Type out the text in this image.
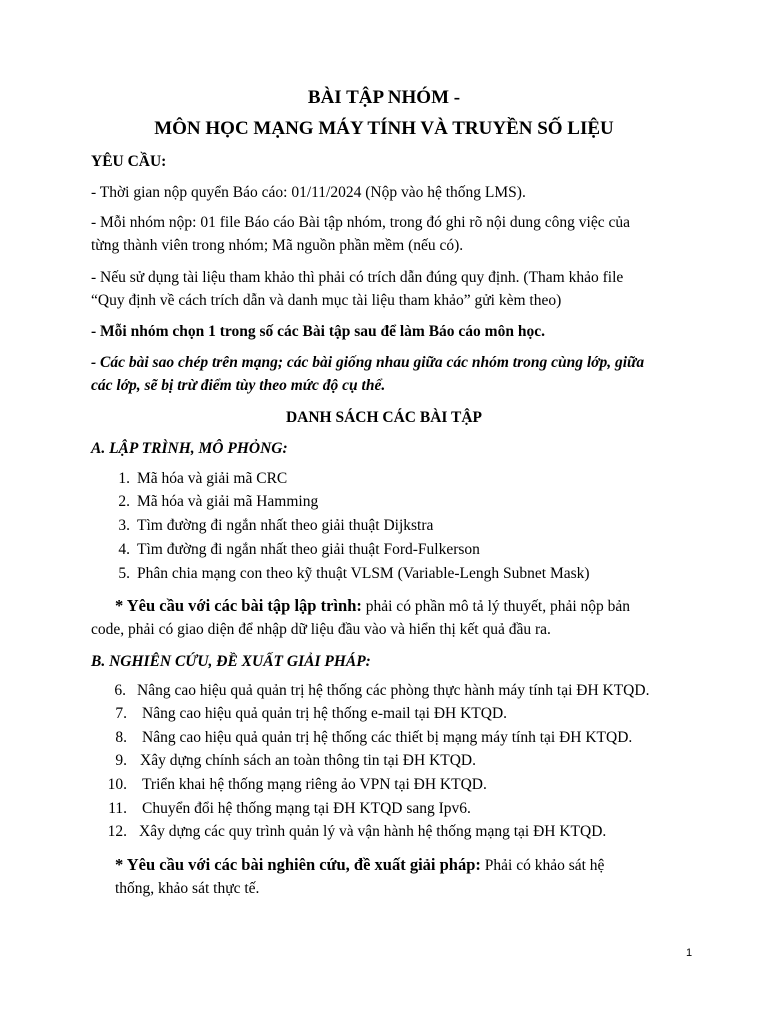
BÀI TẬP NHÓM -
MÔN HỌC MẠNG MÁY TÍNH VÀ TRUYỀN SỐ LIỆU
YÊU CẦU:
- Thời gian nộp quyển Báo cáo: 01/11/2024 (Nộp vào hệ thống LMS).
- Mỗi nhóm nộp: 01 file Báo cáo Bài tập nhóm, trong đó ghi rõ nội dung công việc của
từng thành viên trong nhóm; Mã nguồn phần mềm (nếu có).
- Nếu sử dụng tài liệu tham khảo thì phải có trích dẫn đúng quy định. (Tham khảo file
“Quy định về cách trích dẫn và danh mục tài liệu tham khảo” gửi kèm theo)
- Mỗi nhóm chọn 1 trong số các Bài tập sau để làm Báo cáo môn học.
- Các bài sao chép trên mạng; các bài giống nhau giữa các nhóm trong cùng lớp, giữa
các lớp, sẽ bị trừ điểm tùy theo mức độ cụ thể.
DANH SÁCH CÁC BÀI TẬP
A. LẬP TRÌNH, MÔ PHỎNG:
1. Mã hóa và giải mã CRC
2. Mã hóa và giải mã Hamming
3. Tìm đường đi ngắn nhất theo giải thuật Dijkstra
4. Tìm đường đi ngắn nhất theo giải thuật Ford-Fulkerson
5. Phân chia mạng con theo kỹ thuật VLSM (Variable-Lengh Subnet Mask)
* Yêu cầu với các bài tập lập trình: phải có phần mô tả lý thuyết, phải nộp bản
code, phải có giao diện để nhập dữ liệu đầu vào và hiển thị kết quả đầu ra.
B. NGHIÊN CỨU, ĐỀ XUẤT GIẢI PHÁP:
6. Nâng cao hiệu quả quản trị hệ thống các phòng thực hành máy tính tại ĐH KTQD.
7. Nâng cao hiệu quả quản trị hệ thống e-mail tại ĐH KTQD.
8. Nâng cao hiệu quả quản trị hệ thống các thiết bị mạng máy tính tại ĐH KTQD.
9. Xây dựng chính sách an toàn thông tin tại ĐH KTQD.
10. Triển khai hệ thống mạng riêng ảo VPN tại ĐH KTQD.
11. Chuyển đổi hệ thống mạng tại ĐH KTQD sang Ipv6.
12. Xây dựng các quy trình quản lý và vận hành hệ thống mạng tại ĐH KTQD.
* Yêu cầu với các bài nghiên cứu, đề xuất giải pháp: Phải có khảo sát hệ
thống, khảo sát thực tế.
1
